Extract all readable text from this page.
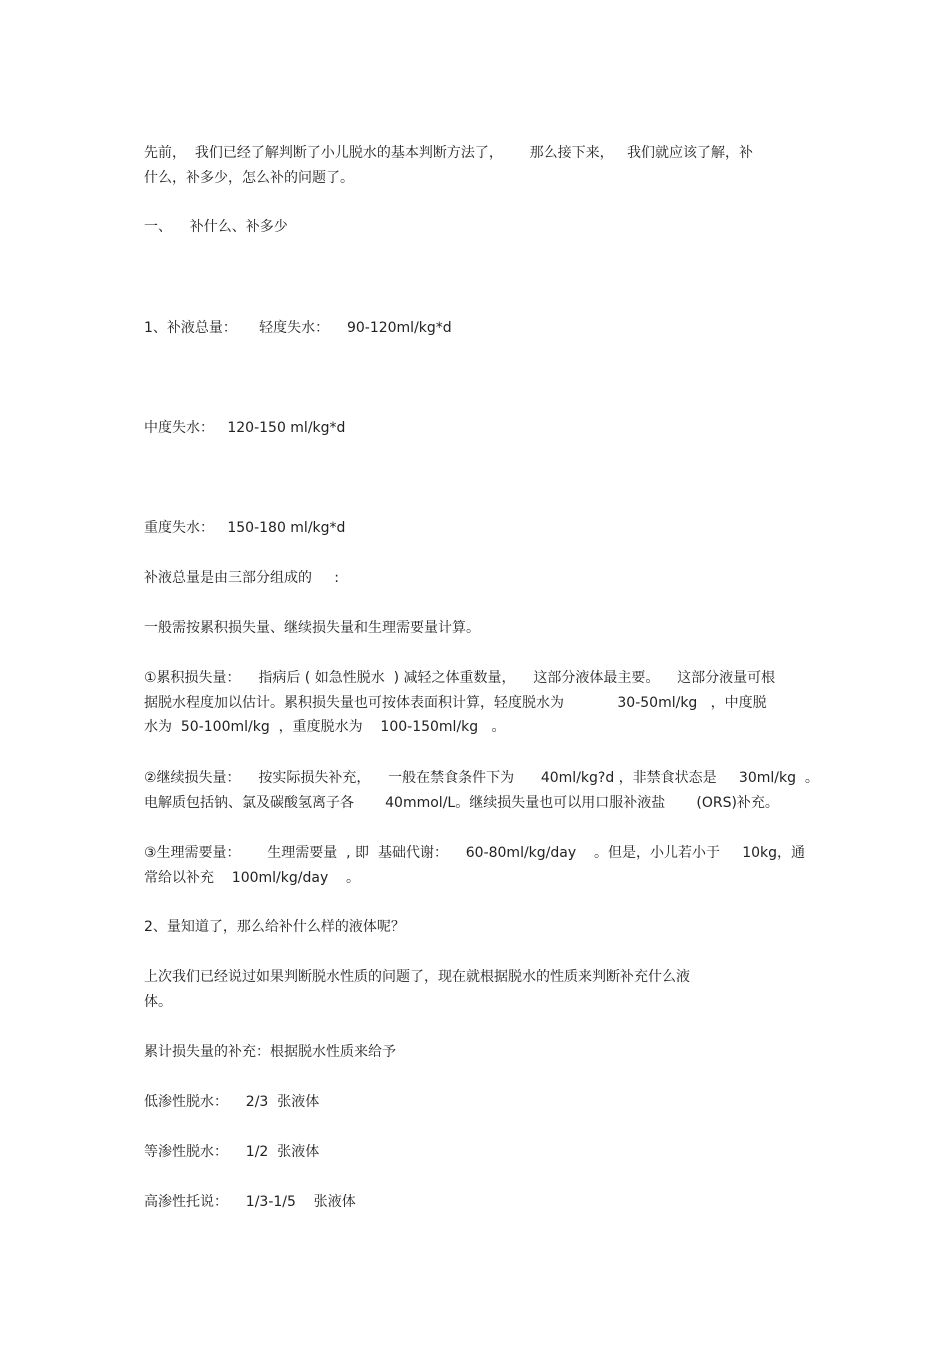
先前，  我们已经了解判断了小儿脱水的基本判断方法了，      那么接下来，   我们就应该了解，补
什么，补多少，怎么补的问题了。
一、    补什么、补多少
1、补液总量：     轻度失水：    90-120ml/kg*d
中度失水：   120-150 ml/kg*d
重度失水：   150-180 ml/kg*d
补液总量是由三部分组成的     :
一般需按累积损失量、继续损失量和生理需要量计算。
①累积损失量：    指病后 ( 如急性脱水  ) 减轻之体重数量，    这部分液体最主要。    这部分液量可根
据脱水程度加以估计。累积损失量也可按体表面积计算，轻度脱水为            30-50ml/kg   ，中度脱
水为  50-100ml/kg  ，重度脱水为    100-150ml/kg   。
②继续损失量：    按实际损失补充，    一般在禁食条件下为      40ml/kg?d ，非禁食状态是     30ml/kg  。
电解质包括钠、氯及碳酸氢离子各       40mmol/L。继续损失量也可以用口服补液盐       (ORS)补充。
③生理需要量：      生理需要量  , 即  基础代谢：    60-80ml/kg/day    。但是，小儿若小于     10kg，通
常给以补充    100ml/kg/day    。
2、量知道了，那么给补什么样的液体呢？
上次我们已经说过如果判断脱水性质的问题了，现在就根据脱水的性质来判断补充什么液
体。
累计损失量的补充：根据脱水性质来给予
低渗性脱水：    2/3  张液体
等渗性脱水：    1/2  张液体
高渗性托说：    1/3-1/5    张液体
